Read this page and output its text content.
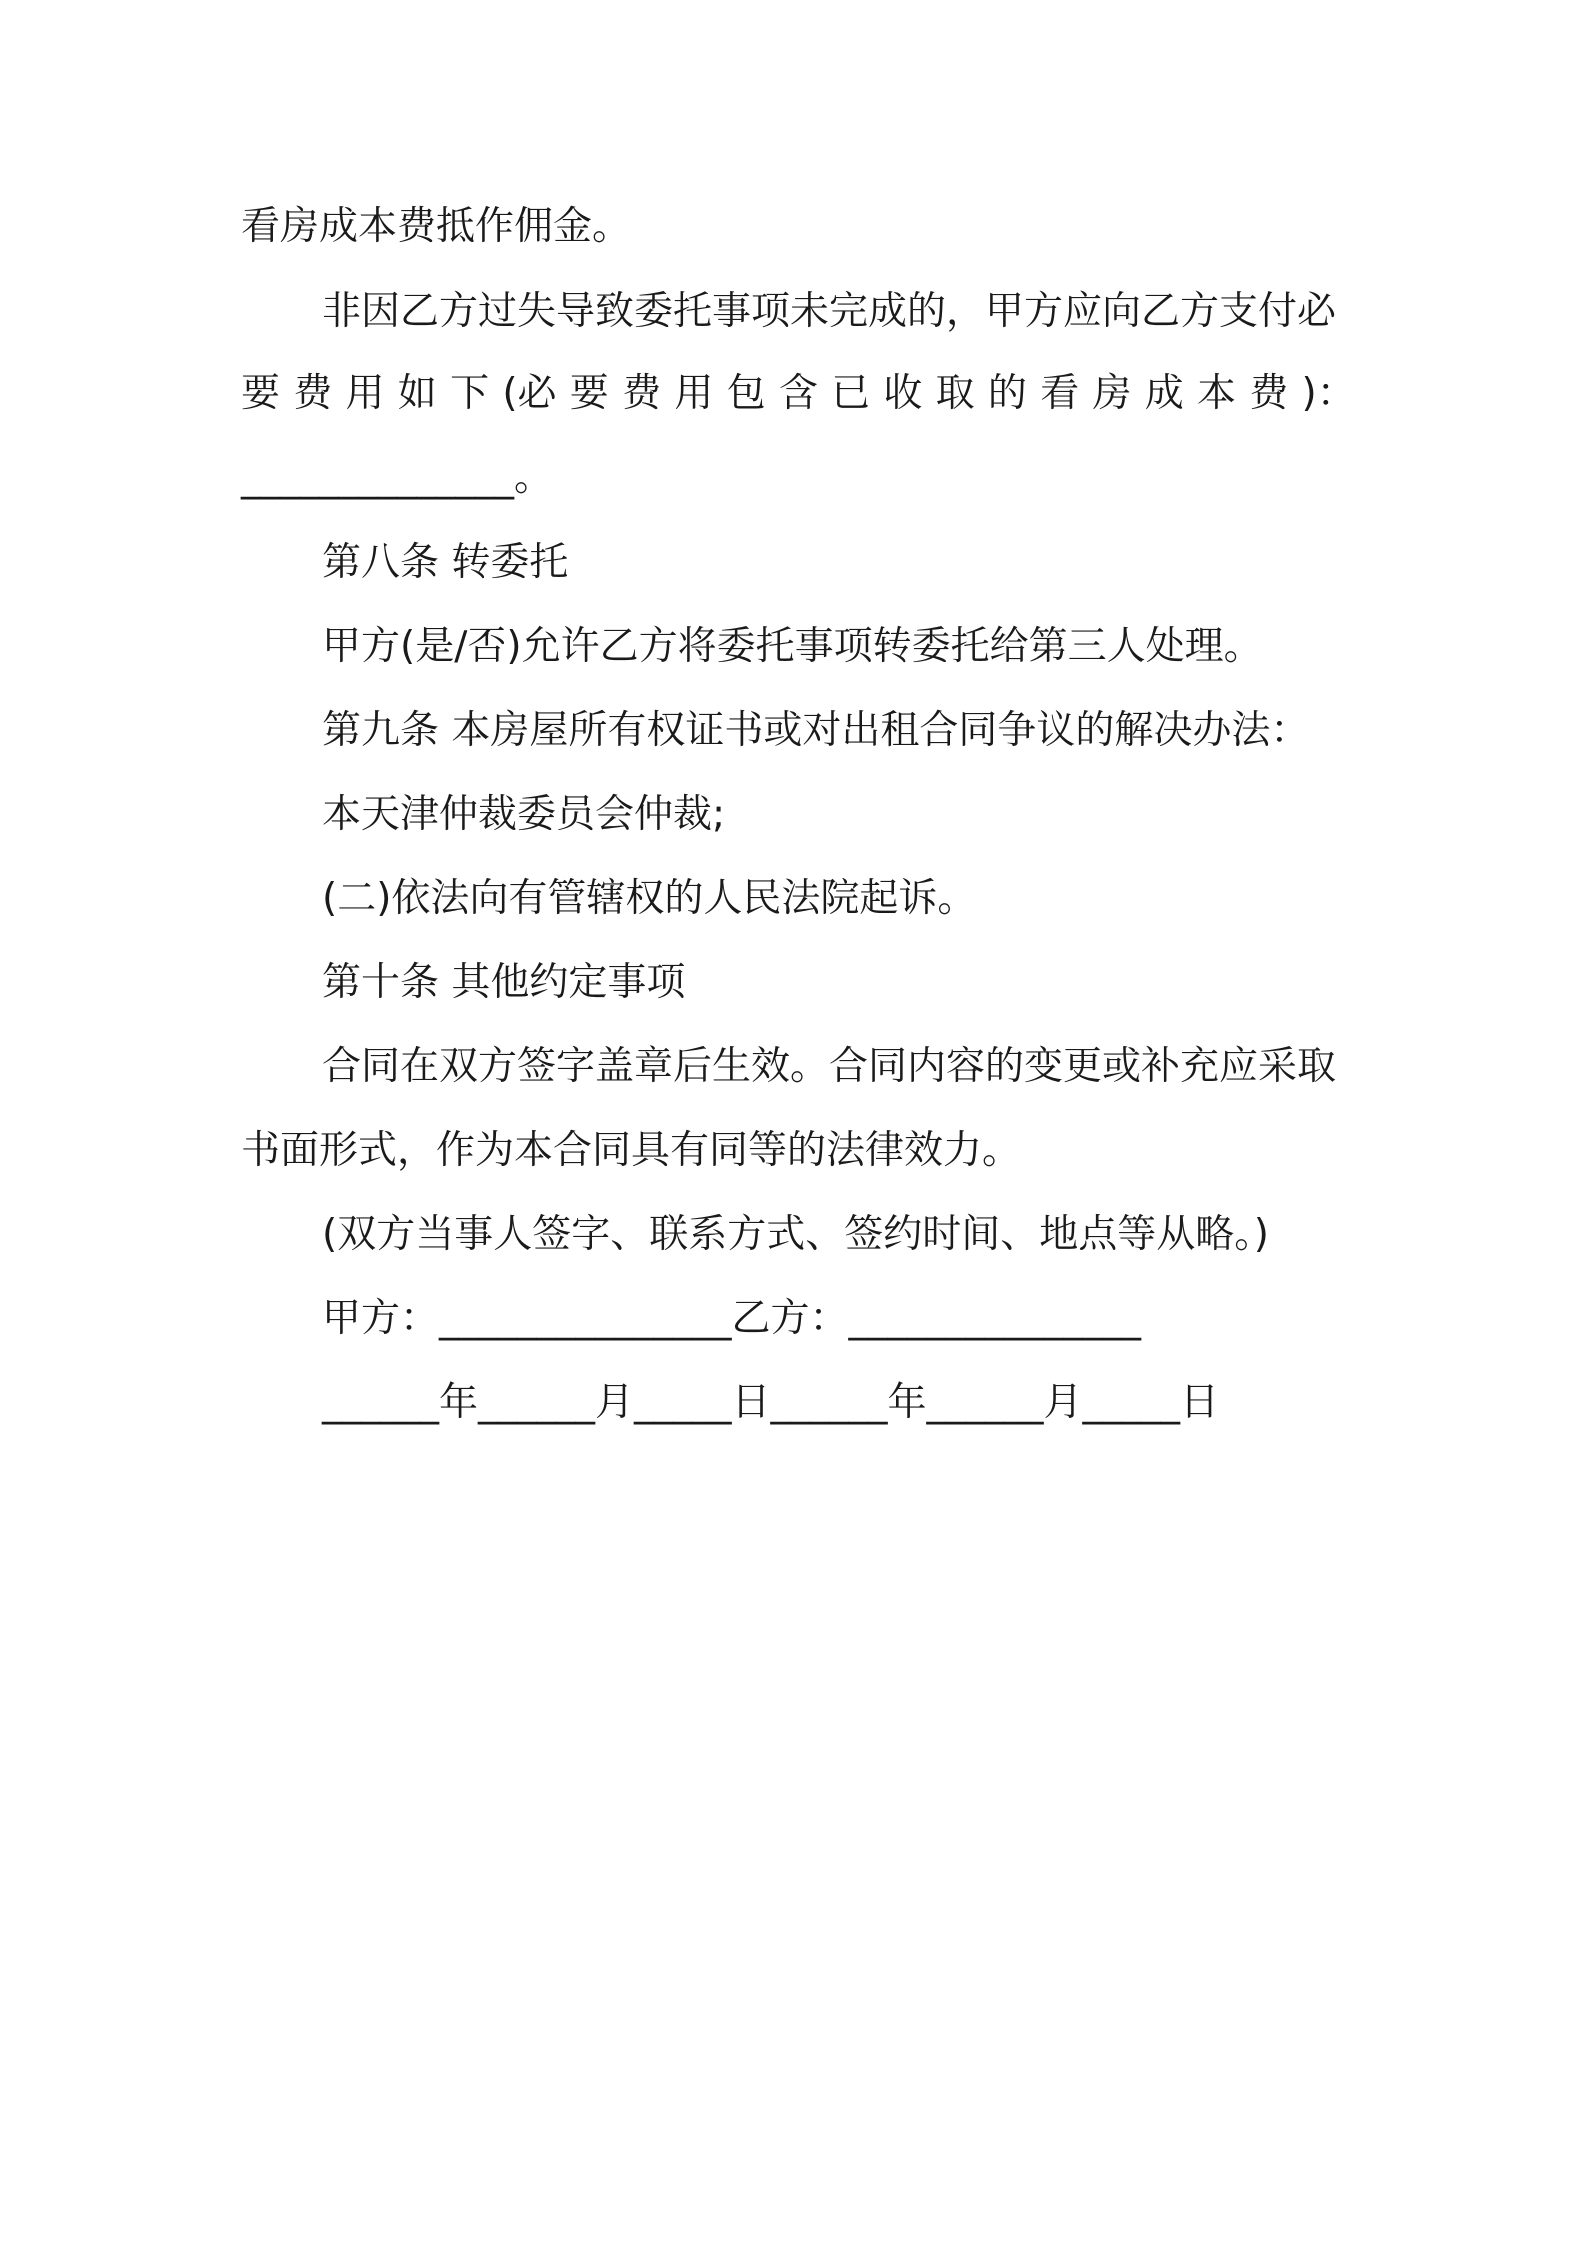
看房成本费抵作佣金。
非因乙方过失导致委托事项未完成的，甲方应向乙方支付必
要 费 用 如 下 (必 要 费 用 包 含 已 收 取 的 看 房 成 本 费 )：
______________。
第八条 转委托
甲方(是/否)允许乙方将委托事项转委托给第三人处理。
第九条 本房屋所有权证书或对出租合同争议的解决办法：
本天津仲裁委员会仲裁;
(二)依法向有管辖权的人民法院起诉。
第十条 其他约定事项
合同在双方签字盖章后生效。合同内容的变更或补充应采取
书面形式，作为本合同具有同等的法律效力。
(双方当事人签字、联系方式、签约时间、地点等从略。)
甲方：_______________乙方：_______________
______年______月_____日______年______月_____日
